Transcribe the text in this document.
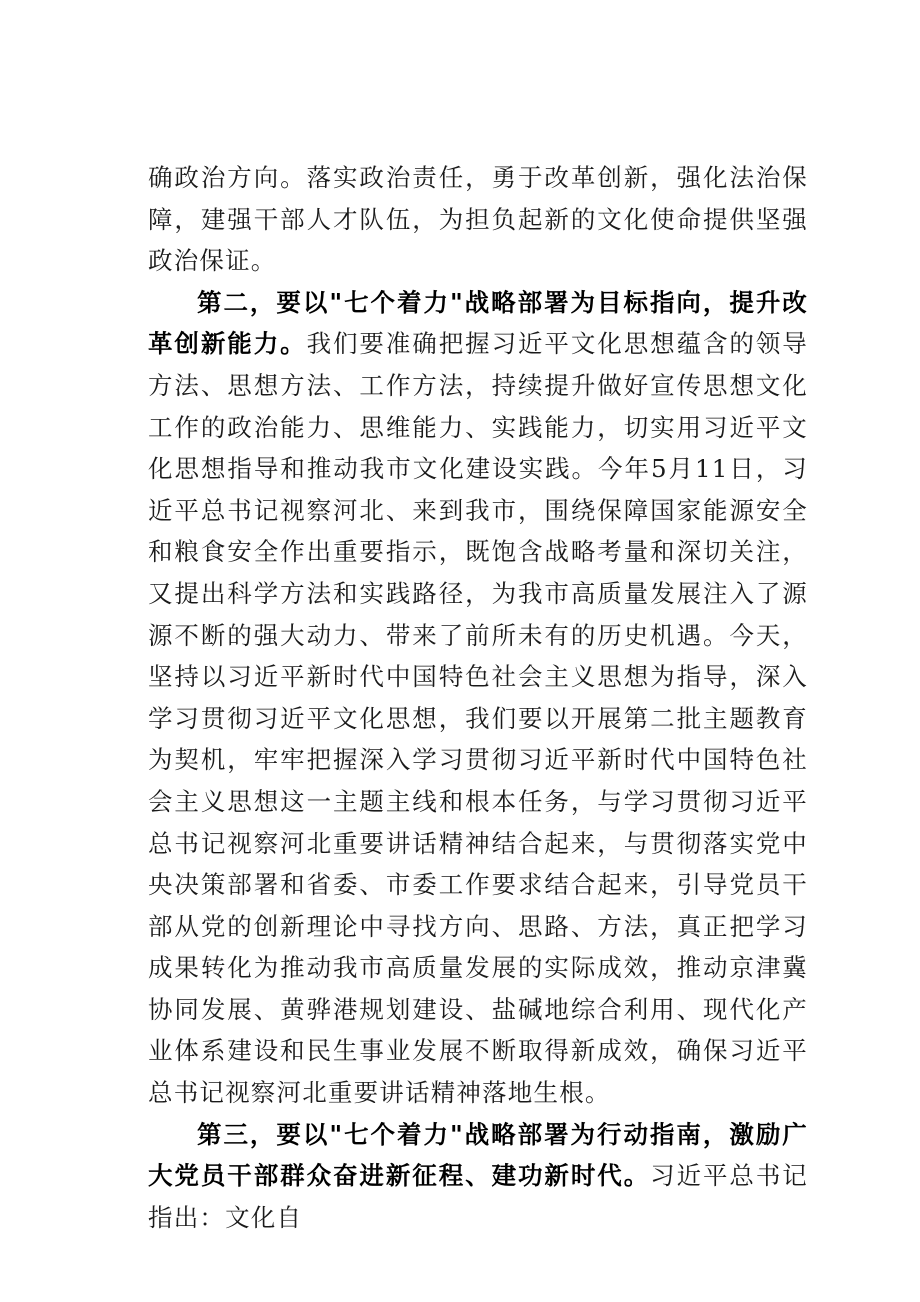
确政治方向。落实政治责任，勇于改革创新，强化法治保障，建强干部人才队伍，为担负起新的文化使命提供坚强政治保证。

第二，要以"七个着力"战略部署为目标指向，提升改革创新能力。我们要准确把握习近平文化思想蕴含的领导方法、思想方法、工作方法，持续提升做好宣传思想文化工作的政治能力、思维能力、实践能力，切实用习近平文化思想指导和推动我市文化建设实践。今年5月11日，习近平总书记视察河北、来到我市，围绕保障国家能源安全和粮食安全作出重要指示，既饱含战略考量和深切关注，又提出科学方法和实践路径，为我市高质量发展注入了源源不断的强大动力、带来了前所未有的历史机遇。今天，坚持以习近平新时代中国特色社会主义思想为指导，深入学习贯彻习近平文化思想，我们要以开展第二批主题教育为契机，牢牢把握深入学习贯彻习近平新时代中国特色社会主义思想这一主题主线和根本任务，与学习贯彻习近平总书记视察河北重要讲话精神结合起来，与贯彻落实党中央决策部署和省委、市委工作要求结合起来，引导党员干部从党的创新理论中寻找方向、思路、方法，真正把学习成果转化为推动我市高质量发展的实际成效，推动京津冀协同发展、黄骅港规划建设、盐碱地综合利用、现代化产业体系建设和民生事业发展不断取得新成效，确保习近平总书记视察河北重要讲话精神落地生根。

第三，要以"七个着力"战略部署为行动指南，激励广大党员干部群众奋进新征程、建功新时代。习近平总书记指出：文化自
